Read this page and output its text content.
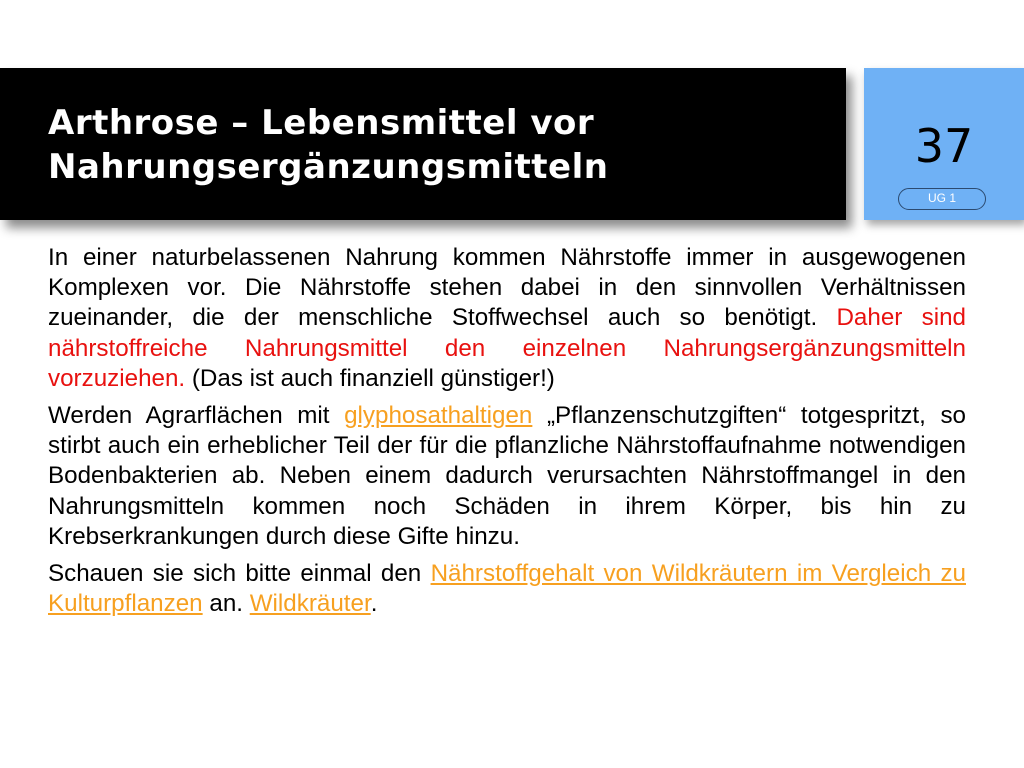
Arthrose – Lebensmittel vor
Nahrungsergänzungsmitteln	37
UG 1

In einer naturbelassenen Nahrung kommen Nährstoffe immer in ausgewogenen Komplexen vor. Die Nährstoffe stehen dabei in den sinnvollen Verhältnissen zueinander, die der menschliche Stoffwechsel auch so benötigt. Daher sind nährstoffreiche Nahrungsmittel den einzelnen Nahrungsergänzungsmitteln vorzuziehen. (Das ist auch finanziell günstiger!)

Werden Agrarflächen mit glyphosathaltigen „Pflanzenschutzgiften“ totgespritzt, so stirbt auch ein erheblicher Teil der für die pflanzliche Nährstoffaufnahme notwendigen Bodenbakterien ab. Neben einem dadurch verursachten Nährstoffmangel in den Nahrungsmitteln kommen noch Schäden in ihrem Körper, bis hin zu Krebserkrankungen durch diese Gifte hinzu.

Schauen sie sich bitte einmal den Nährstoffgehalt von Wildkräutern im Vergleich zu Kulturpflanzen an. Wildkräuter.
